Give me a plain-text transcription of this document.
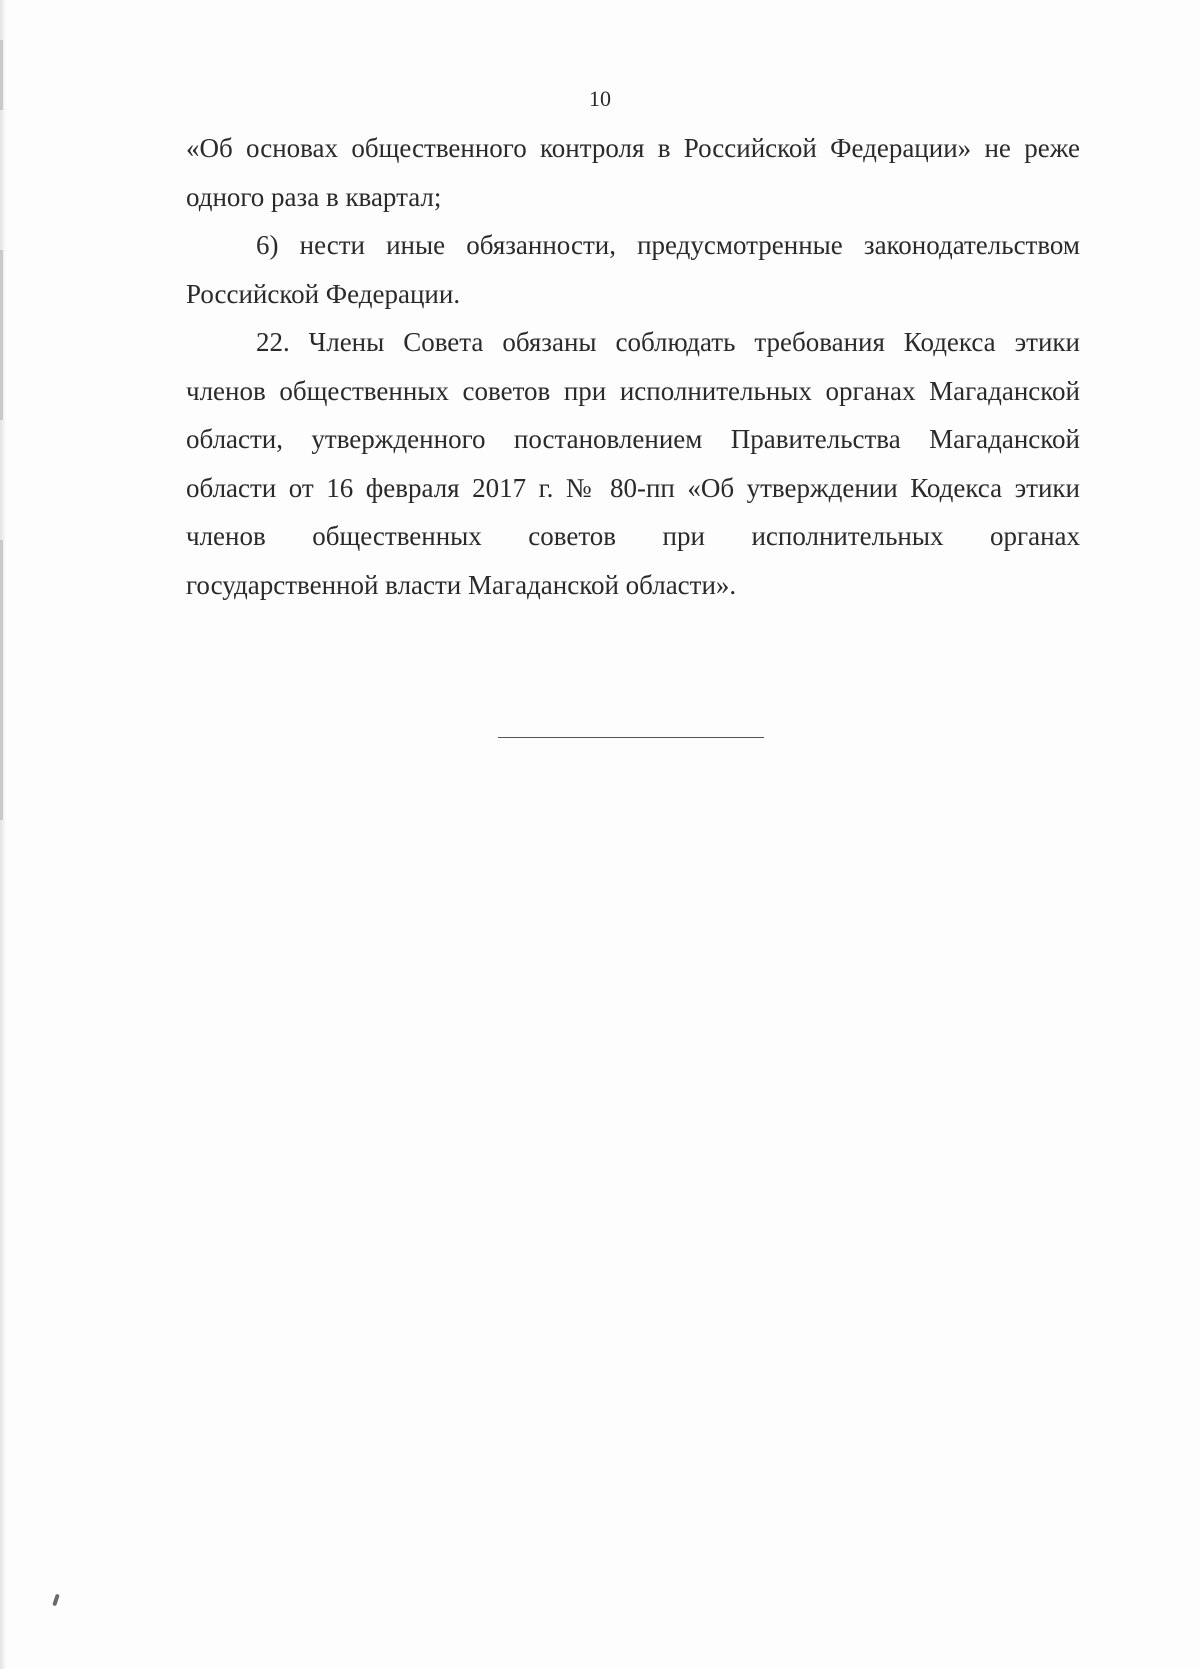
10

«Об основах общественного контроля в Российской Федерации» не реже одного раза в квартал;

6) нести иные обязанности, предусмотренные законодательством Российской Федерации.

22. Члены Совета обязаны соблюдать требования Кодекса этики членов общественных советов при исполнительных органах Магаданской области, утвержденного постановлением Правительства Магаданской области от 16 февраля 2017 г. № 80-пп «Об утверждении Кодекса этики членов общественных советов при исполнительных органах государственной власти Магаданской области».
